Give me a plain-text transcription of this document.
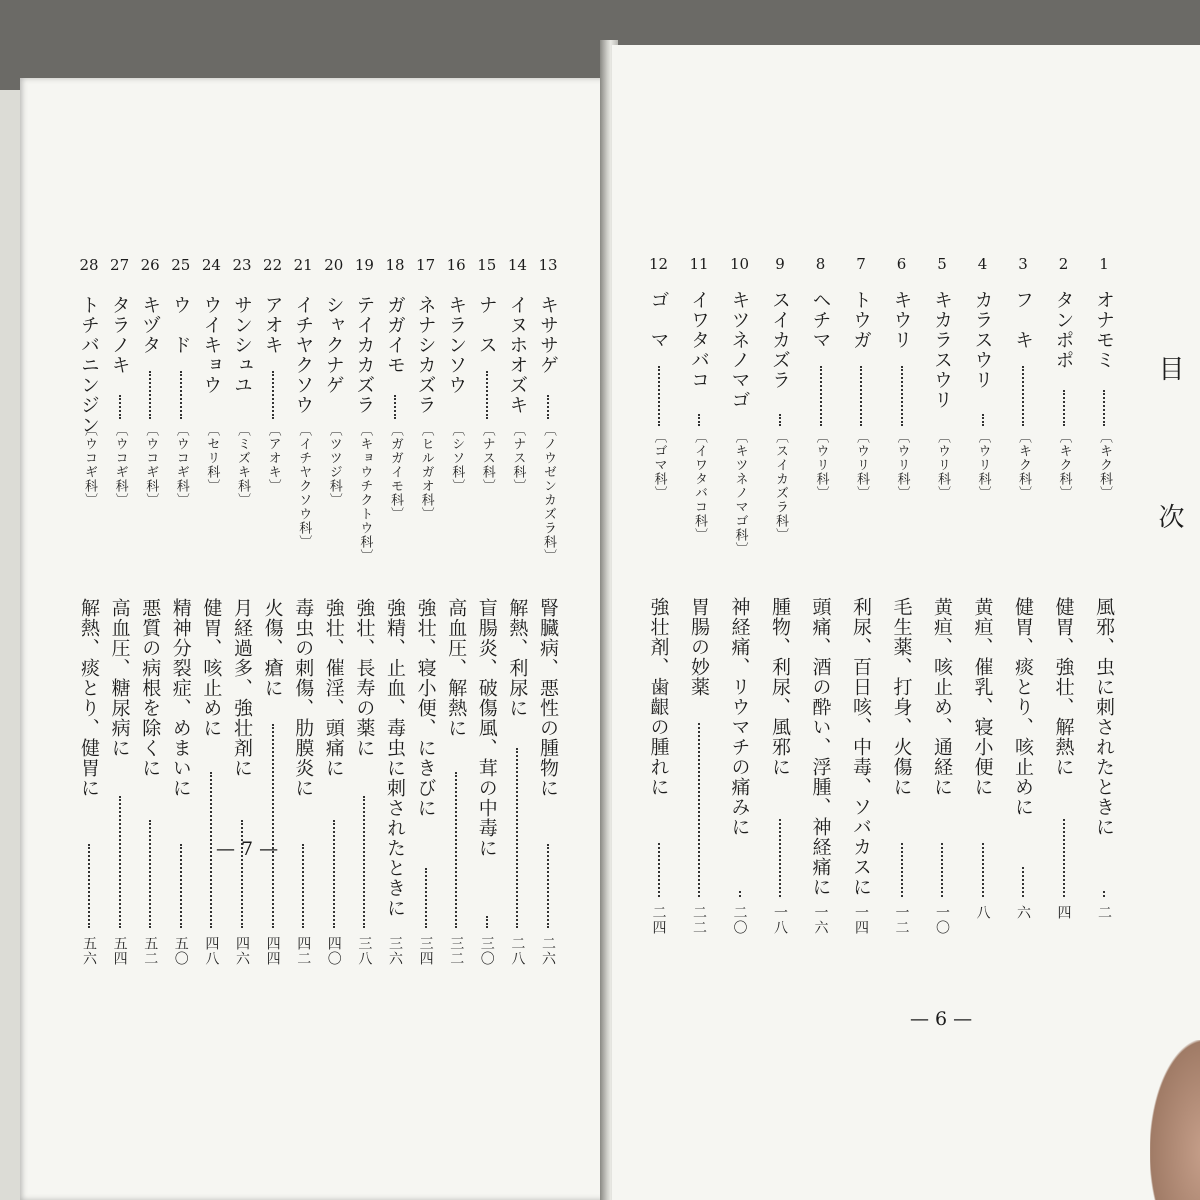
13
キササゲ
〔ノウゼンカズラ科〕
腎臓病、悪性の腫物に
二六
14
イヌホオズキ
〔ナス科〕
解熱、利尿に
二八
15
ナ　ス
〔ナス科〕
盲腸炎、破傷風、茸の中毒に
三〇
16
キランソウ
〔シソ科〕
高血圧、解熱に
三二
17
ネナシカズラ
〔ヒルガオ科〕
強壮、寝小便、にきびに
三四
18
ガガイモ
〔ガガイモ科〕
強精、止血、毒虫に刺されたときに
三六
19
テイカカズラ
〔キョウチクトウ科〕
強壮、長寿の薬に
三八
20
シャクナゲ
〔ツツジ科〕
強壮、催淫、頭痛に
四〇
21
イチヤクソウ
〔イチヤクソウ科〕
毒虫の刺傷、肋膜炎に
四二
22
アオキ
〔アオキ〕
火傷、瘡に
四四
23
サンシュユ
〔ミズキ科〕
月経過多、強壮剤に
四六
24
ウイキョウ
〔セリ科〕
健胃、咳止めに
四八
25
ウ　ド
〔ウコギ科〕
精神分裂症、めまいに
五〇
26
キヅタ
〔ウコギ科〕
悪質の病根を除くに
五二
27
タラノキ
〔ウコギ科〕
高血圧、糖尿病に
五四
28
トチバニンジン
〔ウコギ科〕
解熱、痰とり、健胃に
五六
— 7 —
目　次
1
オナモミ
〔キク科〕
風邪、虫に刺されたときに
二
2
タンポポ
〔キク科〕
健胃、強壮、解熱に
四
3
フ　キ
〔キク科〕
健胃、痰とり、咳止めに
六
4
カラスウリ
〔ウリ科〕
黄疸、催乳、寝小便に
八
5
キカラスウリ
〔ウリ科〕
黄疸、咳止め、通経に
一〇
6
キウリ
〔ウリ科〕
毛生薬、打身、火傷に
一二
7
トウガ
〔ウリ科〕
利尿、百日咳、中毒、ソバカスに
一四
8
ヘチマ
〔ウリ科〕
頭痛、酒の酔い、浮腫、神経痛に
一六
9
スイカズラ
〔スイカズラ科〕
腫物、利尿、風邪に
一八
10
キツネノマゴ
〔キツネノマゴ科〕
神経痛、リウマチの痛みに
二〇
11
イワタバコ
〔イワタバコ科〕
胃腸の妙薬
二二
12
ゴ　マ
〔ゴマ科〕
強壮剤、歯齦の腫れに
二四
— 6 —
